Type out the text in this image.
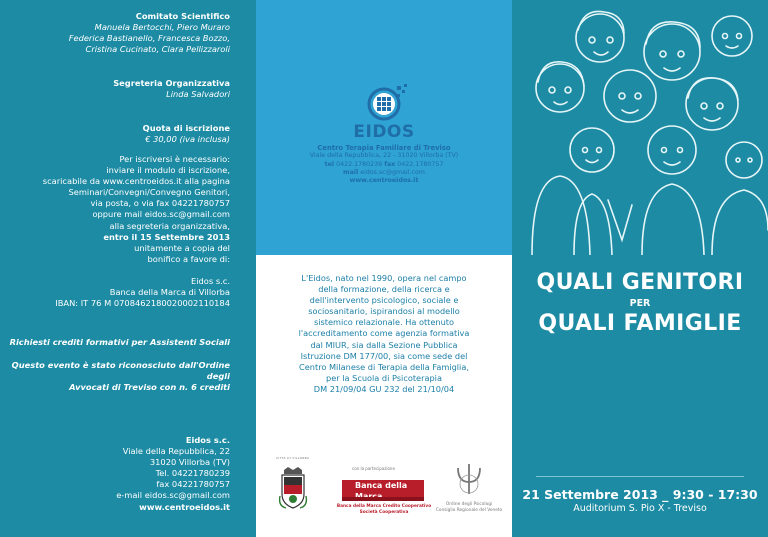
Comitato Scientifico
Manuela Bertocchi, Piero Muraro
Federica Bastianello, Francesca Bozzo,
Cristina Cucinato, Clara Pellizzaroli
Segreteria Organizzativa
Linda Salvadori
Quota di iscrizione
€ 30,00 (iva inclusa)
Per iscriversi è necessario:
inviare il modulo di iscrizione,
scaricabile da www.centroeidos.it alla pagina
Seminari/Convegni/Convegno Genitori,
via posta, o via fax 04221780757
oppure mail eidos.sc@gmail.com
alla segreteria organizzativa,
entro il 15 Settembre 2013
unitamente a copia del
bonifico a favore di:
Eidos s.c.
Banca della Marca di Villorba
IBAN: IT 76 M 0708462180020002110184
Richiesti crediti formativi per Assistenti Sociali
Questo evento è stato riconosciuto dall'Ordine degli
Avvocati di Treviso con n. 6 crediti
Eidos s.c.
Viale della Repubblica, 22
31020 Villorba (TV)
Tel. 04221780239
fax 04221780757
e-mail eidos.sc@gmail.com
www.centroeidos.it
EIDOS
Centro Terapia Familiare di Treviso
Viale della Repubblica, 22 - 31020 Villorba (TV)
tel 0422.1780239 fax 0422.1780757
mail eidos.sc@gmail.com
www.centroeidos.it
L'Eidos, nato nel 1990, opera nel campo
della formazione, della ricerca e
dell'intervento psicologico, sociale e
sociosanitario, ispirandosi al modello
sistemico relazionale. Ha ottenuto
l'accreditamento come agenzia formativa
dal MIUR, sia dalla Sezione Pubblica
Istruzione DM 177/00, sia come sede del
Centro Milanese di Terapia della Famiglia,
per la Scuola di Psicoterapia
DM 21/09/04 GU 232 del 21/10/04
CITTÀ DI VILLORBA
con la partecipazione
Banca della
Banca della Marca Credito Cooperativo
Società Cooperativa
Ordine degli Psicologi
Consiglio Regionale del Veneto
QUALI GENITORI
PER
QUALI FAMIGLIE
21 Settembre 2013 _ 9:30 - 17:30
Auditorium S. Pio X - Treviso
